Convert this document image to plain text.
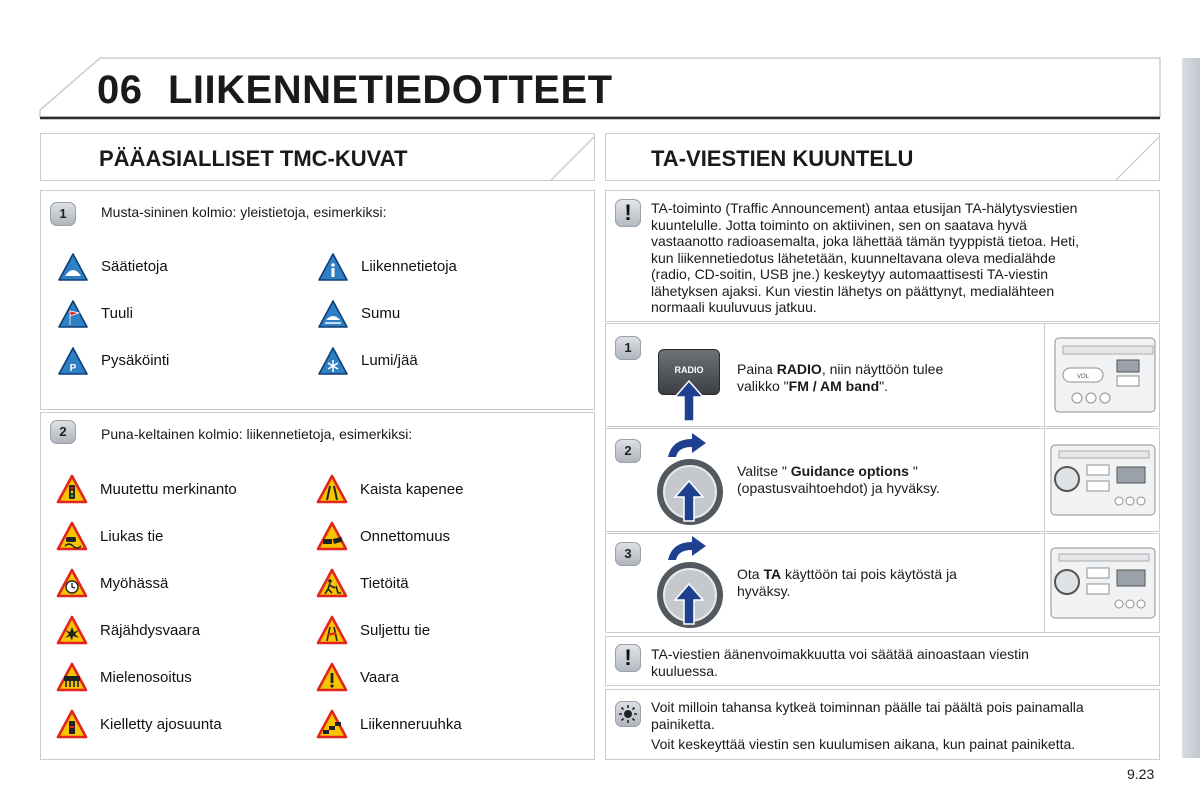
06 LIIKENNETIEDOTTEET
PÄÄASIALLISET TMC-KUVAT	TA-VIESTIEN KUUNTELU
1	Musta-sininen kolmio: yleistietoja, esimerkiksi:
Säätietoja	Liikennetietoja
Tuuli	Sumu
P Pysäköinti	Lumi/jää
2	Puna-keltainen kolmio: liikennetietoja, esimerkiksi:
Muutettu merkinanto	Kaista kapenee
Liukas tie	Onnettomuus
Myöhässä	Tietöitä
Räjähdysvaara	Suljettu tie
Mielenosoitus	Vaara
Kielletty ajosuunta	Liikenneruuhka
!	TA-toiminto (Traffic Announcement) antaa etusijan TA-hälytysviestien
kuuntelulle. Jotta toiminto on aktiivinen, sen on saatava hyvä
vastaanotto radioasemalta, joka lähettää tämän tyyppistä tietoa. Heti,
kun liikennetiedotus lähetetään, kuunneltavana oleva medialähde
(radio, CD-soitin, USB jne.) keskeytyy automaattisesti TA-viestin
lähetyksen ajaksi. Kun viestin lähetys on päättynyt, medialähteen
normaali kuuluvuus jatkuu.
1
RADIO	Paina RADIO, niin näyttöön tulee
valikko "FM / AM band".
VOL
2
Valitse " Guidance options "
(opastusvaihtoehdot) ja hyväksy.
3
Ota TA käyttöön tai pois käytöstä ja
hyväksy.
!	TA-viestien äänenvoimakkuutta voi säätää ainoastaan viestin
kuuluessa.
Voit milloin tahansa kytkeä toiminnan päälle tai päältä pois painamalla
painiketta.
Voit keskeyttää viestin sen kuulumisen aikana, kun painat painiketta.
9.23
